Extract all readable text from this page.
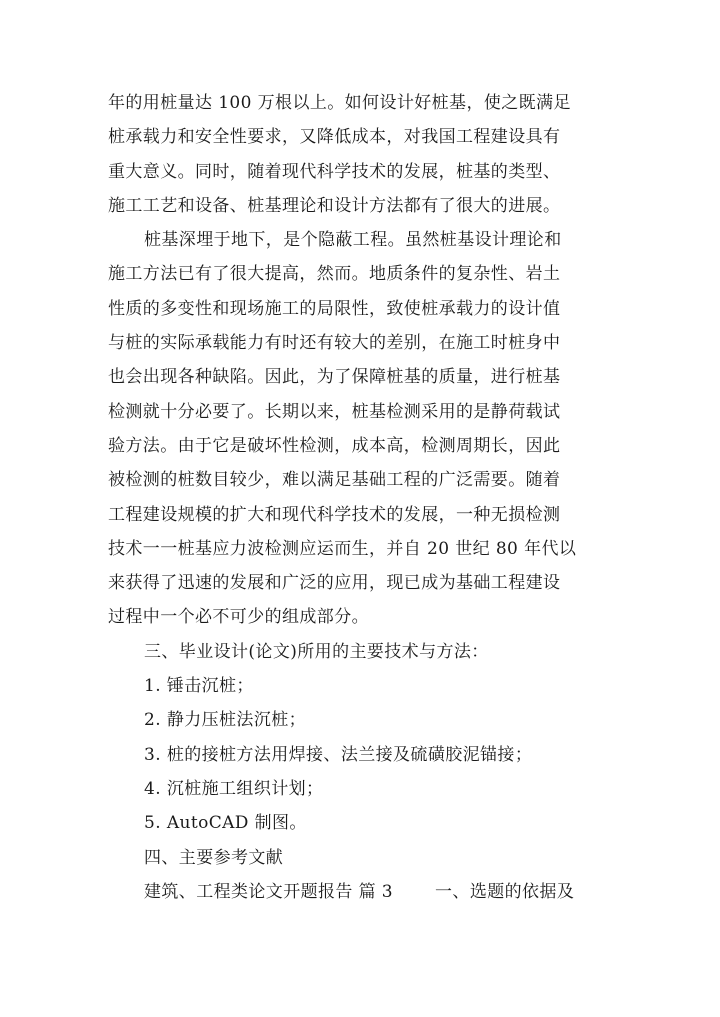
年的用桩量达 100 万根以上。如何设计好桩基，使之既满足
桩承载力和安全性要求，又降低成本，对我国工程建设具有
重大意义。同时，随着现代科学技术的发展，桩基的类型、
施工工艺和设备、桩基理论和设计方法都有了很大的进展。
桩基深埋于地下，是个隐蔽工程。虽然桩基设计理论和
施工方法已有了很大提高，然而。地质条件的复杂性、岩土
性质的多变性和现场施工的局限性，致使桩承载力的设计值
与桩的实际承载能力有时还有较大的差别，在施工时桩身中
也会出现各种缺陷。因此，为了保障桩基的质量，进行桩基
检测就十分必要了。长期以来，桩基检测采用的是静荷载试
验方法。由于它是破坏性检测，成本高，检测周期长，因此
被检测的桩数目较少，难以满足基础工程的广泛需要。随着
工程建设规模的扩大和现代科学技术的发展，一种无损检测
技术一一桩基应力波检测应运而生，并自 20 世纪 80 年代以
来获得了迅速的发展和广泛的应用，现已成为基础工程建设
过程中一个必不可少的组成部分。
三、毕业设计(论文)所用的主要技术与方法：
1. 锤击沉桩；
2. 静力压桩法沉桩；
3. 桩的接桩方法用焊接、法兰接及硫磺胶泥锚接；
4. 沉桩施工组织计划；
5. AutoCAD 制图。
四、主要参考文献
建筑、工程类论文开题报告 篇 3 一、选题的依据及
